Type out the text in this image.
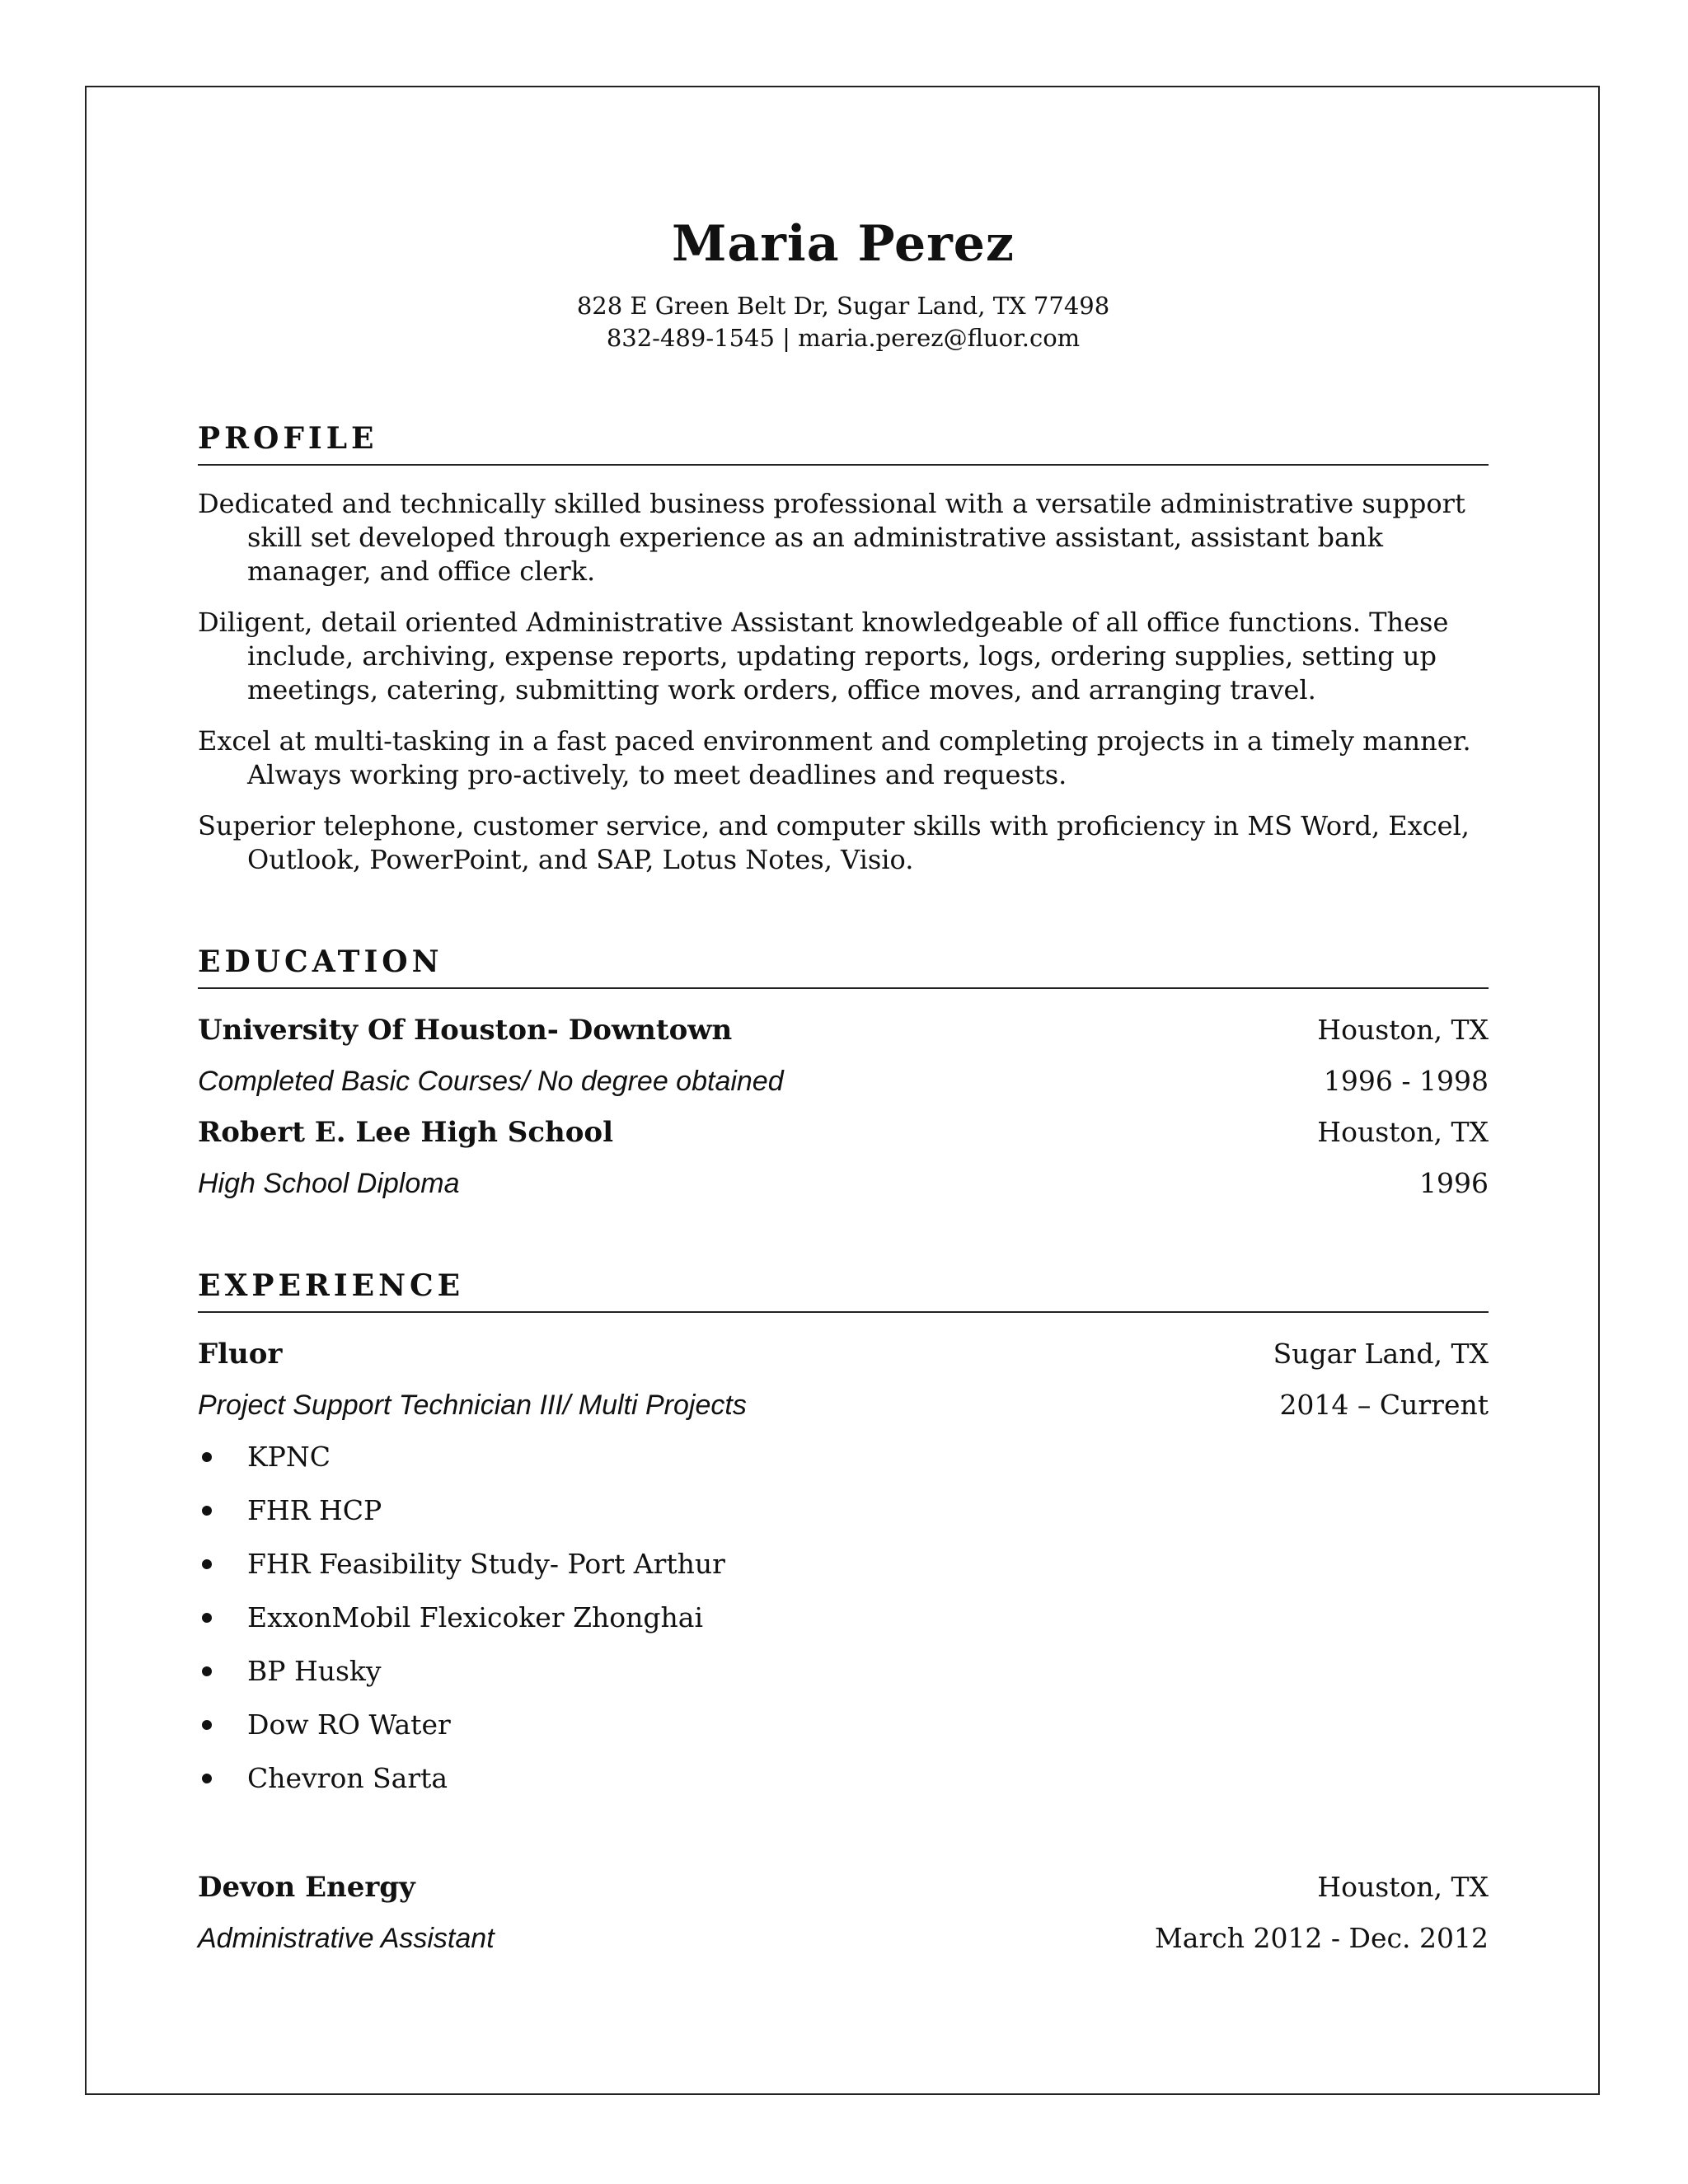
Maria Perez
828 E Green Belt Dr, Sugar Land, TX 77498
832-489-1545 | maria.perez@fluor.com
PROFILE

Dedicated and technically skilled business professional with a versatile administrative support skill set developed through experience as an administrative assistant, assistant bank manager, and office clerk.

Diligent, detail oriented Administrative Assistant knowledgeable of all office functions. These include, archiving, expense reports, updating reports, logs, ordering supplies, setting up meetings, catering, submitting work orders, office moves, and arranging travel.

Excel at multi-tasking in a fast paced environment and completing projects in a timely manner. Always working pro-actively, to meet deadlines and requests.

Superior telephone, customer service, and computer skills with proficiency in MS Word, Excel, Outlook, PowerPoint, and SAP, Lotus Notes, Visio.

EDUCATION
University Of Houston- Downtown	Houston, TX
Completed Basic Courses/ No degree obtained	1996 - 1998
Robert E. Lee High School	Houston, TX
High School Diploma	1996
EXPERIENCE
Fluor	Sugar Land, TX
Project Support Technician III/ Multi Projects	2014 – Current
KPNC
FHR HCP
FHR Feasibility Study- Port Arthur
ExxonMobil Flexicoker Zhonghai
BP Husky
Dow RO Water
Chevron Sarta
Devon Energy	Houston, TX
Administrative Assistant	March 2012 - Dec. 2012
